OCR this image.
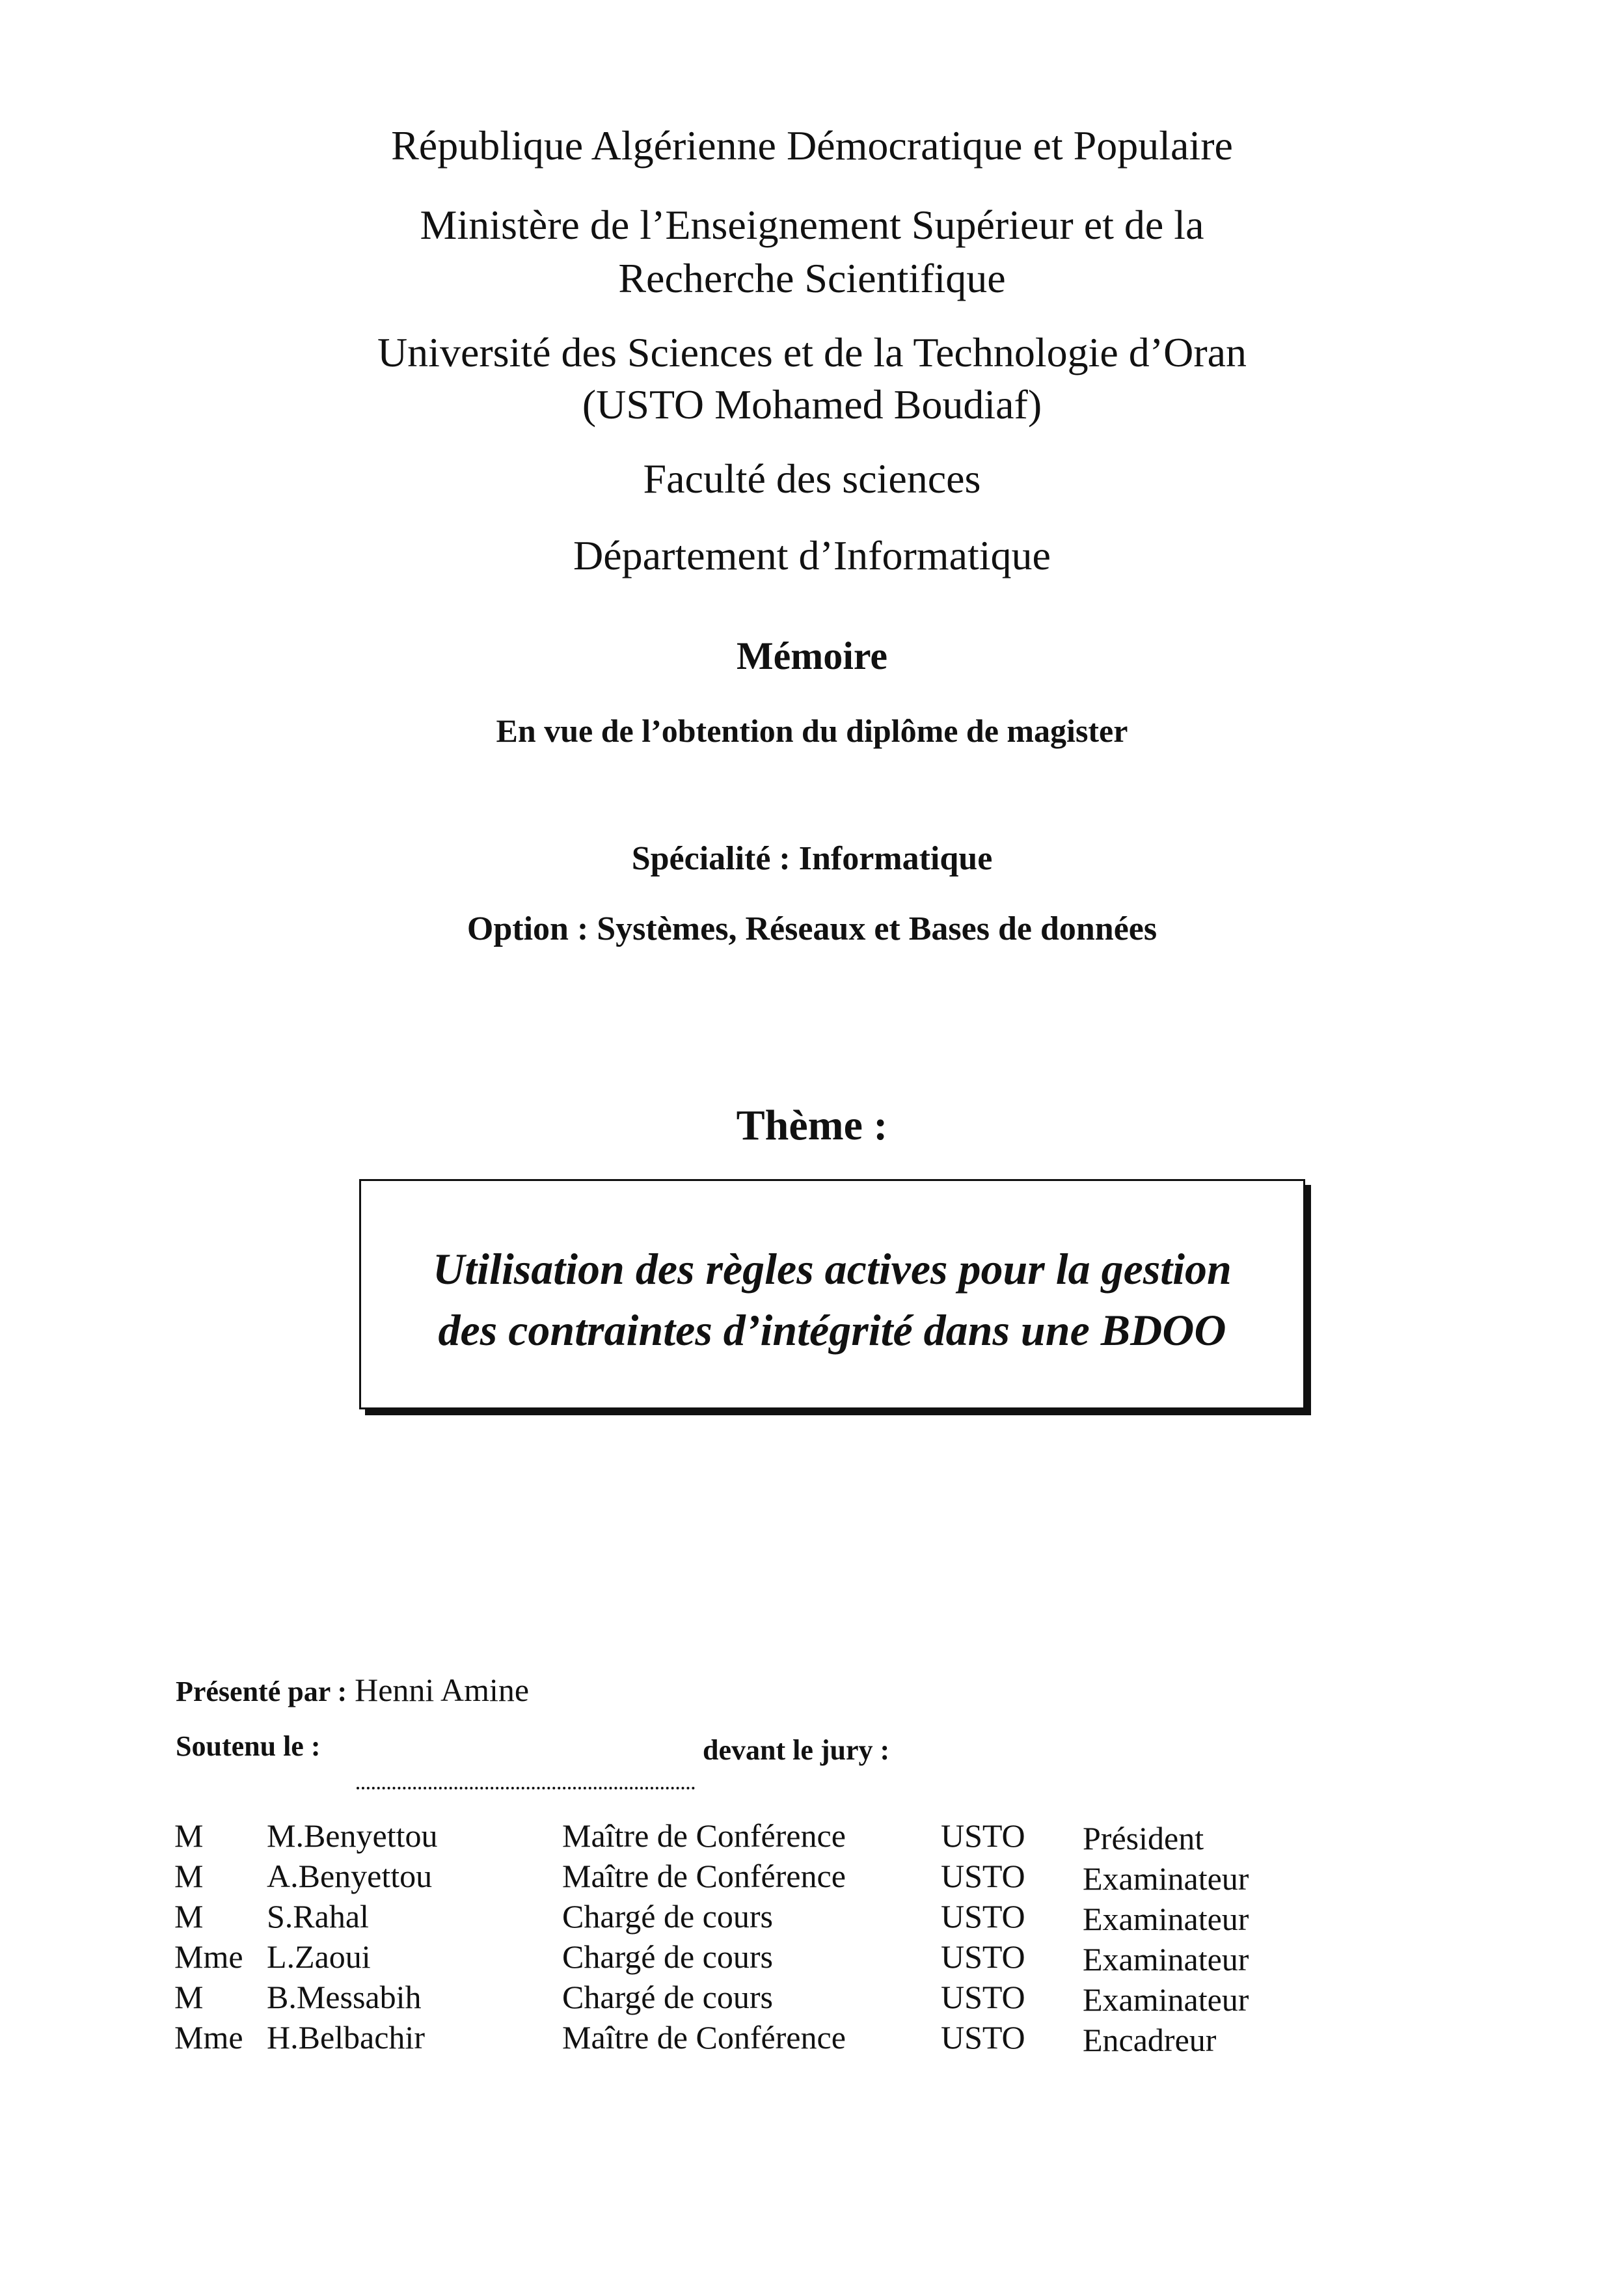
République Algérienne Démocratique et Populaire
Ministère de l’Enseignement Supérieur et de la
Recherche Scientifique
Université des Sciences et de la Technologie d’Oran
(USTO Mohamed Boudiaf)
Faculté des sciences
Département d’Informatique
Mémoire
En vue de l’obtention du diplôme de magister
Spécialité : Informatique
Option : Systèmes, Réseaux et Bases de données
Thème :
Utilisation des règles actives pour la gestion
des contraintes d’intégrité dans une BDOO
Présenté par : Henni Amine
Soutenu le :	devant le jury :
M M.Benyettou	Maître de Conférence	USTO Président
M A.Benyettou	Maître de Conférence	USTO Examinateur
M S.Rahal	Chargé de cours	USTO Examinateur
Mme L.Zaoui	Chargé de cours	USTO Examinateur
M B.Messabih	Chargé de cours	USTO Examinateur
Mme H.Belbachir	Maître de Conférence	USTO Encadreur
